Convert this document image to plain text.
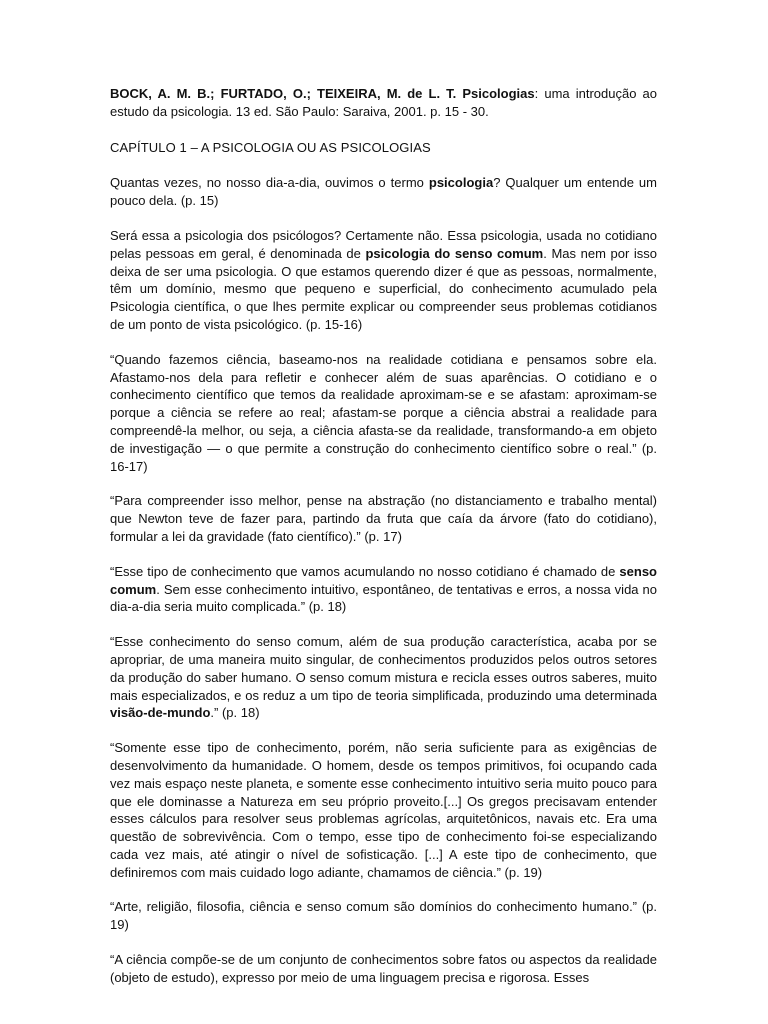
BOCK, A. M. B.; FURTADO, O.; TEIXEIRA, M. de L. T. Psicologias: uma introdução ao estudo da psicologia. 13 ed. São Paulo: Saraiva, 2001. p. 15 - 30.

CAPÍTULO 1 – A PSICOLOGIA OU AS PSICOLOGIAS

Quantas vezes, no nosso dia-a-dia, ouvimos o termo psicologia? Qualquer um entende um pouco dela. (p. 15)

Será essa a psicologia dos psicólogos? Certamente não. Essa psicologia, usada no cotidiano pelas pessoas em geral, é denominada de psicologia do senso comum. Mas nem por isso deixa de ser uma psicologia. O que estamos querendo dizer é que as pessoas, normalmente, têm um domínio, mesmo que pequeno e superficial, do conhecimento acumulado pela Psicologia científica, o que lhes permite explicar ou compreender seus problemas cotidianos de um ponto de vista psicológico. (p. 15-16)

“Quando fazemos ciência, baseamo-nos na realidade cotidiana e pensamos sobre ela. Afastamo-nos dela para refletir e conhecer além de suas aparências. O cotidiano e o conhecimento científico que temos da realidade aproximam-se e se afastam: aproximam-se porque a ciência se refere ao real; afastam-se porque a ciência abstrai a realidade para compreendê-la melhor, ou seja, a ciência afasta-se da realidade, transformando-a em objeto de investigação — o que permite a construção do conhecimento científico sobre o real.” (p. 16-17)

“Para compreender isso melhor, pense na abstração (no distanciamento e trabalho mental) que Newton teve de fazer para, partindo da fruta que caía da árvore (fato do cotidiano), formular a lei da gravidade (fato científico).” (p. 17)

“Esse tipo de conhecimento que vamos acumulando no nosso cotidiano é chamado de senso comum. Sem esse conhecimento intuitivo, espontâneo, de tentativas e erros, a nossa vida no dia-a-dia seria muito complicada.” (p. 18)

“Esse conhecimento do senso comum, além de sua produção característica, acaba por se apropriar, de uma maneira muito singular, de conhecimentos produzidos pelos outros setores da produção do saber humano. O senso comum mistura e recicla esses outros saberes, muito mais especializados, e os reduz a um tipo de teoria simplificada, produzindo uma determinada visão-de-mundo.” (p. 18)

“Somente esse tipo de conhecimento, porém, não seria suficiente para as exigências de desenvolvimento da humanidade. O homem, desde os tempos primitivos, foi ocupando cada vez mais espaço neste planeta, e somente esse conhecimento intuitivo seria muito pouco para que ele dominasse a Natureza em seu próprio proveito.[...] Os gregos precisavam entender esses cálculos para resolver seus problemas agrícolas, arquitetônicos, navais etc. Era uma questão de sobrevivência. Com o tempo, esse tipo de conhecimento foi-se especializando cada vez mais, até atingir o nível de sofisticação. [...] A este tipo de conhecimento, que definiremos com mais cuidado logo adiante, chamamos de ciência.” (p. 19)

“Arte, religião, filosofia, ciência e senso comum são domínios do conhecimento humano.” (p. 19)

“A ciência compõe-se de um conjunto de conhecimentos sobre fatos ou aspectos da realidade (objeto de estudo), expresso por meio de uma linguagem precisa e rigorosa. Esses
